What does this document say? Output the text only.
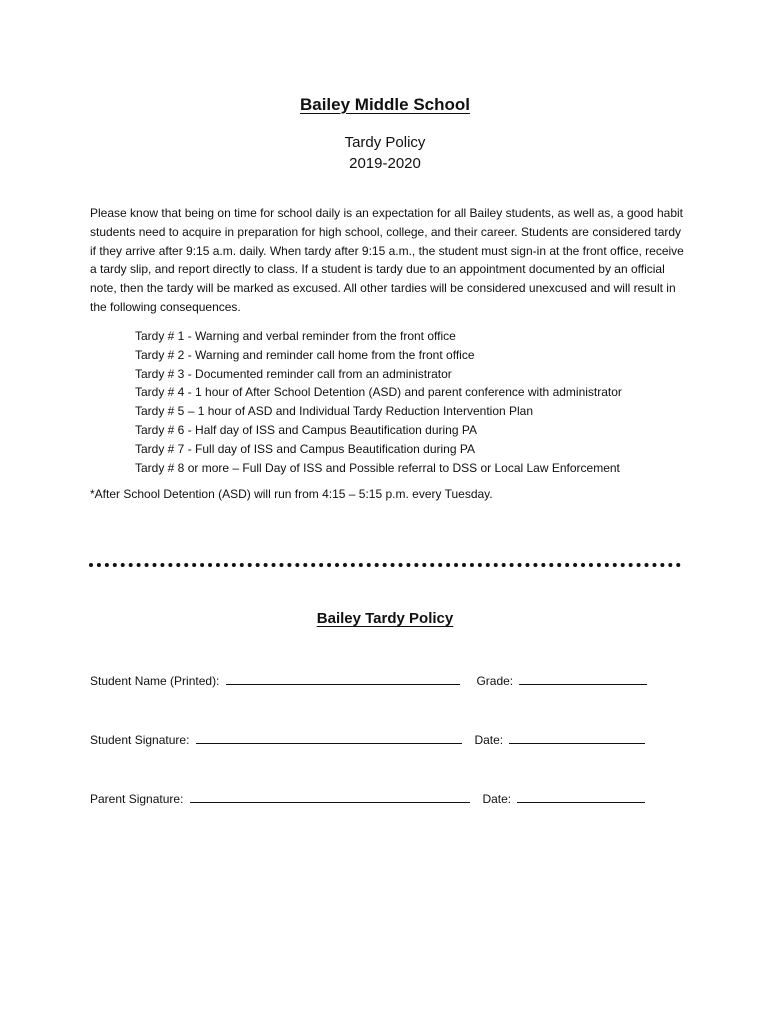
Bailey Middle School
Tardy Policy
2019-2020

Please know that being on time for school daily is an expectation for all Bailey students, as well as, a good habit students need to acquire in preparation for high school, college, and their career. Students are considered tardy if they arrive after 9:15 a.m. daily. When tardy after 9:15 a.m., the student must sign-in at the front office, receive a tardy slip, and report directly to class. If a student is tardy due to an appointment documented by an official note, then the tardy will be marked as excused. All other tardies will be considered unexcused and will result in the following consequences.

Tardy # 1 - Warning and verbal reminder from the front office
Tardy # 2 - Warning and reminder call home from the front office
Tardy # 3 - Documented reminder call from an administrator
Tardy # 4 - 1 hour of After School Detention (ASD) and parent conference with administrator
Tardy # 5 – 1 hour of ASD and Individual Tardy Reduction Intervention Plan
Tardy # 6 - Half day of ISS and Campus Beautification during PA
Tardy # 7 - Full day of ISS and Campus Beautification during PA
Tardy # 8 or more – Full Day of ISS and Possible referral to DSS or Local Law Enforcement

*After School Detention (ASD) will run from 4:15 – 5:15 p.m. every Tuesday.

Bailey Tardy Policy
Student Name (Printed):	Grade:
Student Signature:	Date:
Parent Signature:	Date:
